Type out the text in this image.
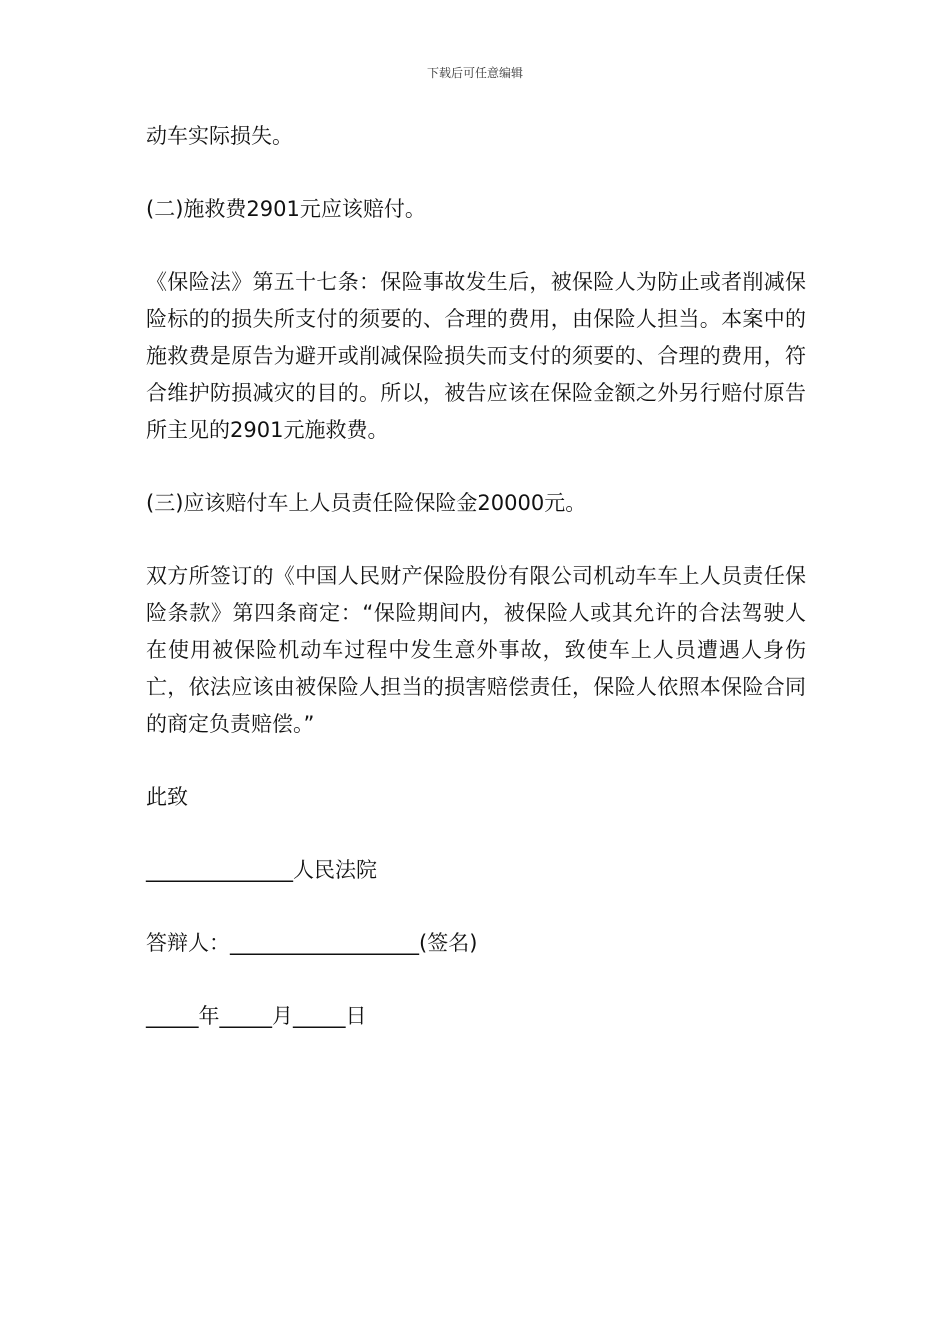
下载后可任意编辑

动车实际损失。

(二)施救费2901元应该赔付。

《保险法》第五十七条：保险事故发生后，被保险人为防止或者削减保险标的的损失所支付的须要的、合理的费用，由保险人担当。本案中的施救费是原告为避开或削减保险损失而支付的须要的、合理的费用，符合维护防损减灾的目的。所以，被告应该在保险金额之外另行赔付原告所主见的2901元施救费。

(三)应该赔付车上人员责任险保险金20000元。

双方所签订的《中国人民财产保险股份有限公司机动车车上人员责任保险条款》第四条商定：“保险期间内，被保险人或其允许的合法驾驶人在使用被保险机动车过程中发生意外事故，致使车上人员遭遇人身伤亡，依法应该由被保险人担当的损害赔偿责任，保险人依照本保险合同的商定负责赔偿。”

此致

______________人民法院

答辩人：__________________(签名)

_____年_____月_____日
